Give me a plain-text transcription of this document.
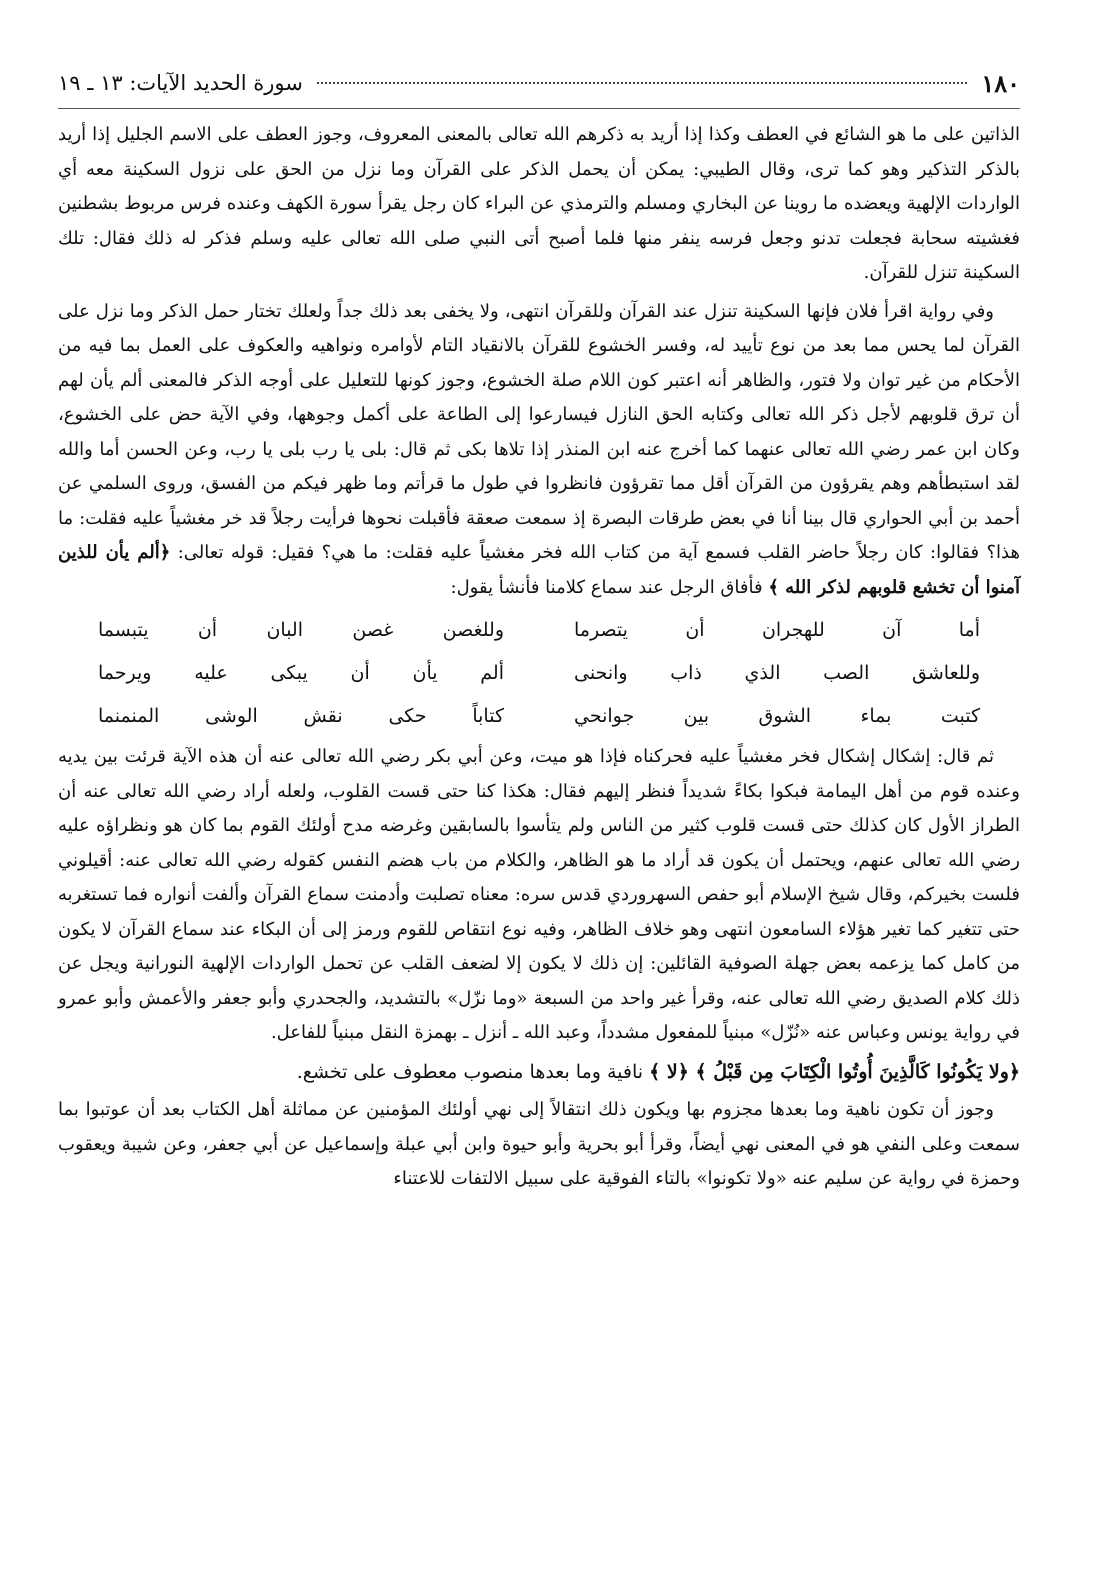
١٨٠
سورة الحديد الآيات: ١٣ ـ ١٩

الذاتين على ما هو الشائع في العطف وكذا إذا أريد به ذكرهم الله تعالى بالمعنى المعروف، وجوز العطف على الاسم الجليل إذا أريد بالذكر التذكير وهو كما ترى، وقال الطيبي: يمكن أن يحمل الذكر على القرآن وما نزل من الحق على نزول السكينة معه أي الواردات الإلهية ويعضده ما روينا عن البخاري ومسلم والترمذي عن البراء كان رجل يقرأ سورة الكهف وعنده فرس مربوط بشطنين فغشيته سحابة فجعلت تدنو وجعل فرسه ينفر منها فلما أصبح أتى النبي صلى الله تعالى عليه وسلم فذكر له ذلك فقال: تلك السكينة تنزل للقرآن.

وفي رواية اقرأ فلان فإنها السكينة تنزل عند القرآن وللقرآن انتهى، ولا يخفى بعد ذلك جداً ولعلك تختار حمل الذكر وما نزل على القرآن لما يحس مما بعد من نوع تأييد له، وفسر الخشوع للقرآن بالانقياد التام لأوامره ونواهيه والعكوف على العمل بما فيه من الأحكام من غير توان ولا فتور، والظاهر أنه اعتبر كون اللام صلة الخشوع، وجوز كونها للتعليل على أوجه الذكر فالمعنى ألم يأن لهم أن ترق قلوبهم لأجل ذكر الله تعالى وكتابه الحق النازل فيسارعوا إلى الطاعة على أكمل وجوهها، وفي الآية حض على الخشوع، وكان ابن عمر رضي الله تعالى عنهما كما أخرج عنه ابن المنذر إذا تلاها بكى ثم قال: بلى يا رب بلى يا رب، وعن الحسن أما والله لقد استبطأهم وهم يقرؤون من القرآن أقل مما تقرؤون فانظروا في طول ما قرأتم وما ظهر فيكم من الفسق، وروى السلمي عن أحمد بن أبي الحواري قال بينا أنا في بعض طرقات البصرة إذ سمعت صعقة فأقبلت نحوها فرأيت رجلاً قد خر مغشياً عليه فقلت: ما هذا؟ فقالوا: كان رجلاً حاضر القلب فسمع آية من كتاب الله فخر مغشياً عليه فقلت: ما هي؟ فقيل: قوله تعالى: ﴿ألم يأن للذين آمنوا أن تخشع قلوبهم لذكر الله ﴾ فأفاق الرجل عند سماع كلامنا فأنشأ يقول:

أما آن للهجران أن يتصرما
وللغصن غصن البان أن يتبسما
وللعاشق الصب الذي ذاب وانحنى
ألم يأن أن يبكى عليه ويرحما
كتبت بماء الشوق بين جوانحي
كتاباً حكى نقش الوشى المنمنما

ثم قال: إشكال إشكال فخر مغشياً عليه فحركناه فإذا هو ميت، وعن أبي بكر رضي الله تعالى عنه أن هذه الآية قرئت بين يديه وعنده قوم من أهل اليمامة فبكوا بكاءً شديداً فنظر إليهم فقال: هكذا كنا حتى قست القلوب، ولعله أراد رضي الله تعالى عنه أن الطراز الأول كان كذلك حتى قست قلوب كثير من الناس ولم يتأسوا بالسابقين وغرضه مدح أولئك القوم بما كان هو ونظراؤه عليه رضي الله تعالى عنهم، ويحتمل أن يكون قد أراد ما هو الظاهر، والكلام من باب هضم النفس كقوله رضي الله تعالى عنه: أقيلوني فلست بخيركم، وقال شيخ الإسلام أبو حفص السهروردي قدس سره: معناه تصلبت وأدمنت سماع القرآن وألفت أنواره فما تستغربه حتى تتغير كما تغير هؤلاء السامعون انتهى وهو خلاف الظاهر، وفيه نوع انتقاص للقوم ورمز إلى أن البكاء عند سماع القرآن لا يكون من كامل كما يزعمه بعض جهلة الصوفية القائلين: إن ذلك لا يكون إلا لضعف القلب عن تحمل الواردات الإلهية النورانية ويجل عن ذلك كلام الصديق رضي الله تعالى عنه، وقرأ غير واحد من السبعة «وما نزّل» بالتشديد، والجحدري وأبو جعفر والأعمش وأبو عمرو في رواية يونس وعباس عنه «نُزّل» مبنياً للمفعول مشدداً، وعبد الله ـ أنزل ـ بهمزة النقل مبنياً للفاعل.

﴿ولا يَكُونُوا كَالَّذِينَ أُوتُوا الْكِتَابَ مِن قَبْلُ ﴾ ﴿لا ﴾ نافية وما بعدها منصوب معطوف على تخشع.

وجوز أن تكون ناهية وما بعدها مجزوم بها ويكون ذلك انتقالاً إلى نهي أولئك المؤمنين عن مماثلة أهل الكتاب بعد أن عوتبوا بما سمعت وعلى النفي هو في المعنى نهي أيضاً، وقرأ أبو بحرية وأبو حيوة وابن أبي عبلة وإسماعيل عن أبي جعفر، وعن شيبة ويعقوب وحمزة في رواية عن سليم عنه «ولا تكونوا» بالتاء الفوقية على سبيل الالتفات للاعتناء
